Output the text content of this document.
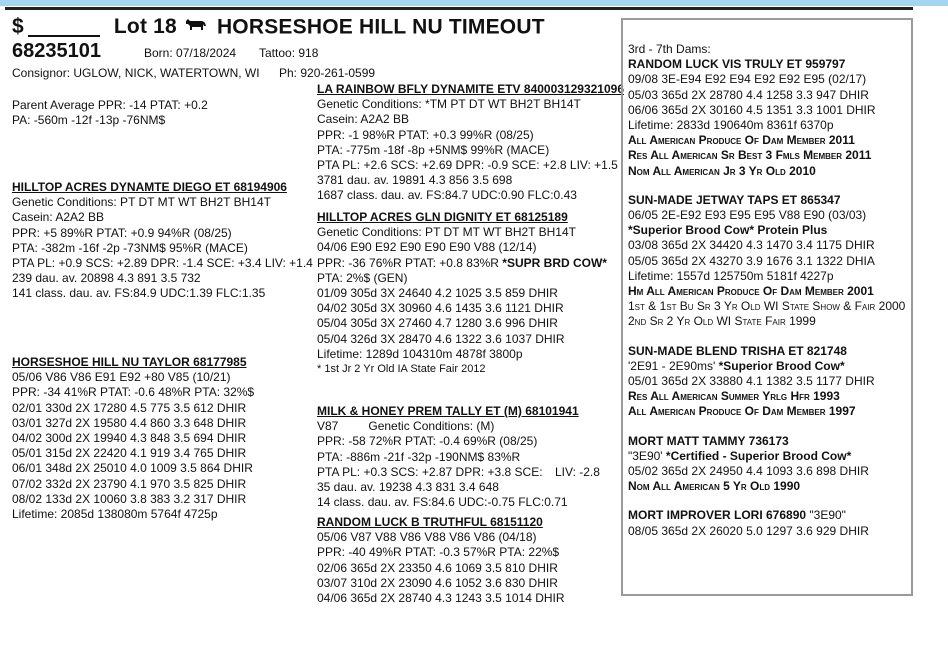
$	Lot 18 HORSESHOE HILL NU TIMEOUT
68235101	Born: 07/18/2024 Tattoo: 918
Consignor: UGLOW, NICK, WATERTOWN, WI Ph: 920-261-0599
Parent Average PPR: -14 PTAT: +0.2
PA: -560m -12f -13p -76NM$
HILLTOP ACRES DYNAMTE DIEGO ET 68194906
Genetic Conditions: PT DT MT WT BH2T BH14T
Casein: A2A2 BB
PPR: +5 89%R PTAT: +0.9 94%R (08/25)
PTA: -382m -16f -2p -73NM$ 95%R (MACE)
PTA PL: +0.9 SCS: +2.89 DPR: -1.4 SCE: +3.4 LIV: +1.4
239 dau. av. 20898 4.3 891 3.5 732
141 class. dau. av. FS:84.9 UDC:1.39 FLC:1.35
HORSESHOE HILL NU TAYLOR 68177985
05/06 V86 V86 E91 E92 +80 V85 (10/21)
PPR: -34 41%R PTAT: -0.6 48%R PTA: 32%$
02/01 330d 2X 17280 4.5 775 3.5 612 DHIR
03/01 327d 2X 19580 4.4 860 3.3 648 DHIR
04/02 300d 2X 19940 4.3 848 3.5 694 DHIR
05/01 315d 2X 22420 4.1 919 3.4 765 DHIR
06/01 348d 2X 25010 4.0 1009 3.5 864 DHIR
07/02 332d 2X 23790 4.1 970 3.5 825 DHIR
08/02 133d 2X 10060 3.8 383 3.2 317 DHIR
Lifetime: 2085d 138080m 5764f 4725p
LA RAINBOW BFLY DYNAMITE ETV 840003129321096
Genetic Conditions: *TM PT DT WT BH2T BH14T
Casein: A2A2 BB
PPR: -1 98%R PTAT: +0.3 99%R (08/25)
PTA: -775m -18f -8p +5NM$ 99%R (MACE)
PTA PL: +2.6 SCS: +2.69 DPR: -0.9 SCE: +2.8 LIV: +1.5
3781 dau. av. 19891 4.3 856 3.5 698
1687 class. dau. av. FS:84.7 UDC:0.90 FLC:0.43
HILLTOP ACRES GLN DIGNITY ET 68125189
Genetic Conditions: PT DT MT WT BH2T BH14T
04/06 E90 E92 E90 E90 E90 V88 (12/14)
PPR: -36 76%R PTAT: +0.8 83%R *SUPR BRD COW*
PTA: 2%$ (GEN)
01/09 305d 3X 24640 4.2 1025 3.5 859 DHIR
04/02 305d 3X 30960 4.6 1435 3.6 1121 DHIR
05/04 305d 3X 27460 4.7 1280 3.6 996 DHIR
05/04 326d 3X 28470 4.6 1322 3.6 1037 DHIR
Lifetime: 1289d 104310m 4878f 3800p
* 1st Jr 2 Yr Old IA State Fair 2012
MILK & HONEY PREM TALLY ET (M) 68101941
V87	Genetic Conditions: (M)
PPR: -58 72%R PTAT: -0.4 69%R (08/25)
PTA: -886m -21f -32p -190NM$ 83%R
PTA PL: +0.3 SCS: +2.87 DPR: +3.8 SCE: LIV: -2.8
35 dau. av. 19238 4.3 831 3.4 648
14 class. dau. av. FS:84.6 UDC:-0.75 FLC:0.71
RANDOM LUCK B TRUTHFUL 68151120
05/06 V87 V88 V86 V88 V86 V86 (04/18)
PPR: -40 49%R PTAT: -0.3 57%R PTA: 22%$
02/06 365d 2X 23350 4.6 1069 3.5 810 DHIR
03/07 310d 2X 23090 4.6 1052 3.6 830 DHIR
04/06 365d 2X 28740 4.3 1243 3.5 1014 DHIR
3rd - 7th Dams:
RANDOM LUCK VIS TRULY ET 959797
09/08 3E-E94 E92 E94 E92 E92 E95 (02/17)
05/03 365d 2X 28780 4.4 1258 3.3 947 DHIR
06/06 365d 2X 30160 4.5 1351 3.3 1001 DHIR
Lifetime: 2833d 190640m 8361f 6370p
All American Produce Of Dam Member 2011
Res All American Sr Best 3 Fmls Member 2011
Nom All American Jr 3 Yr Old 2010
SUN-MADE JETWAY TAPS ET 865347
06/05 2E-E92 E93 E95 E95 V88 E90 (03/03)
*Superior Brood Cow* Protein Plus
03/08 365d 2X 34420 4.3 1470 3.4 1175 DHIR
05/05 365d 2X 43270 3.9 1676 3.1 1322 DHIA
Lifetime: 1557d 125750m 5181f 4227p
Hm All American Produce Of Dam Member 2001
1st & 1st Bu Sr 3 Yr Old WI State Show & Fair 2000
2nd Sr 2 Yr Old WI State Fair 1999
SUN-MADE BLEND TRISHA ET 821748
'2E91 - 2E90ms' *Superior Brood Cow*
05/01 365d 2X 33880 4.1 1382 3.5 1177 DHIR
Res All American Summer Yrlg Hfr 1993
All American Produce Of Dam Member 1997
MORT MATT TAMMY 736173
"3E90' *Certified - Superior Brood Cow*
05/02 365d 2X 24950 4.4 1093 3.6 898 DHIR
Nom All American 5 Yr Old 1990
MORT IMPROVER LORI 676890 "3E90"
08/05 365d 2X 26020 5.0 1297 3.6 929 DHIR
